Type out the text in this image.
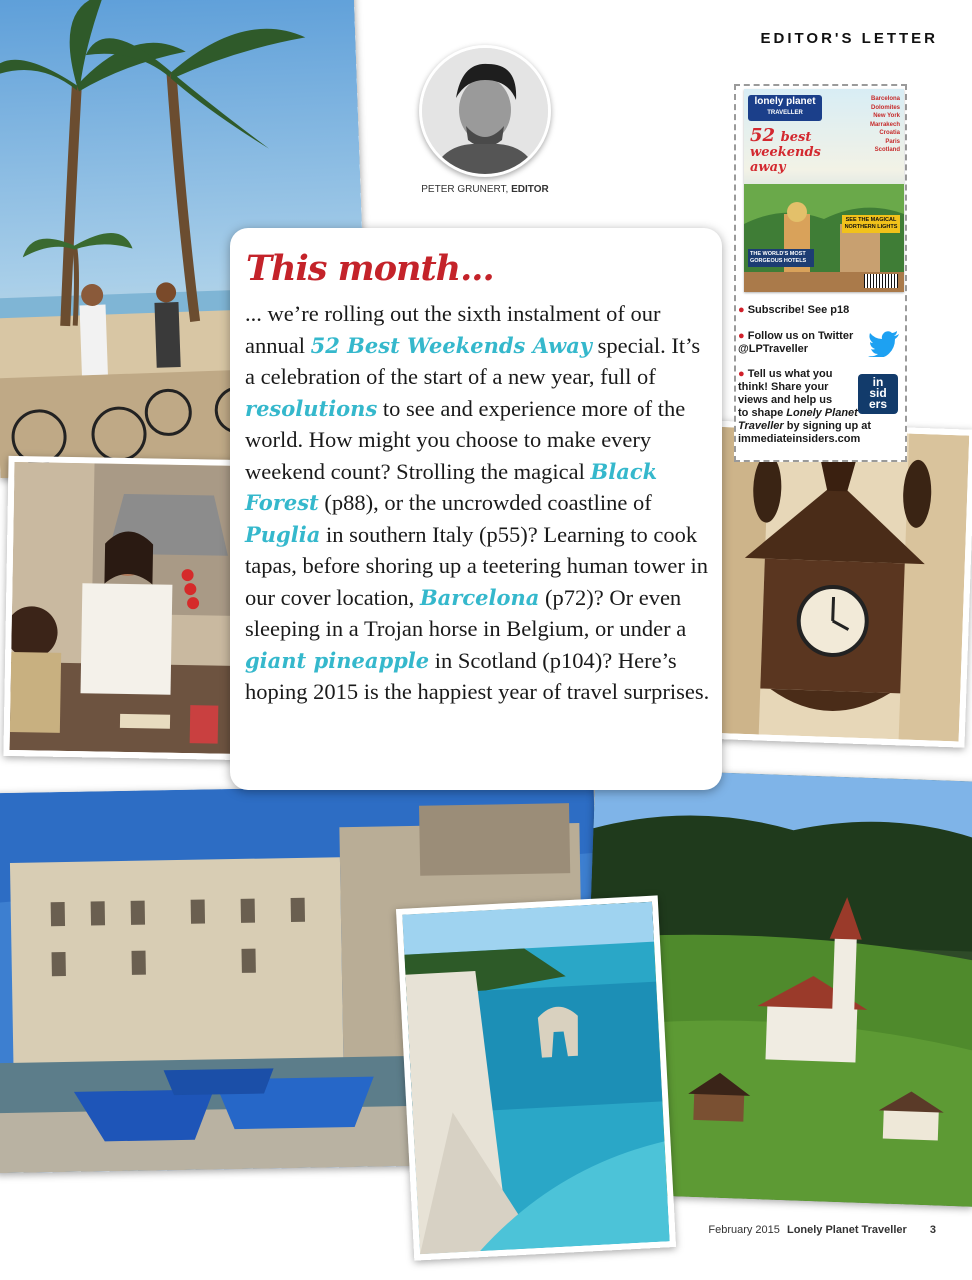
EDITOR'S LETTER
PETER GRUNERT, EDITOR
This month...
... we’re rolling out the sixth instalment of our annual 52 Best Weekends Away special. It’s a celebration of the start of a new year, full of resolutions to see and experience more of the world. How might you choose to make every weekend count? Strolling the magical Black Forest (p88), or the uncrowded coastline of Puglia in southern Italy (p55)? Learning to cook tapas, before shoring up a teetering human tower in our cover location, Barcelona (p72)? Or even sleeping in a Trojan horse in Belgium, or under a giant pineapple in Scotland (p104)? Here’s hoping 2015 is the happiest year of travel surprises.
lonely planet
TRAVELLER
52 best
weekends
away
Barcelona
Dolomites
New York
Marrakech
Croatia
Paris
Scotland
SEE THE MAGICAL NORTHERN LIGHTS
THE WORLD'S MOST GORGEOUS HOTELS
● Subscribe! See p18
● Follow us on Twitter
@LPTraveller
● Tell us what you
think! Share your
views and help us
to shape Lonely Planet
Traveller by signing up at
immediateinsiders.com
in
sid
ers
February 2015 Lonely Planet Traveller 3
